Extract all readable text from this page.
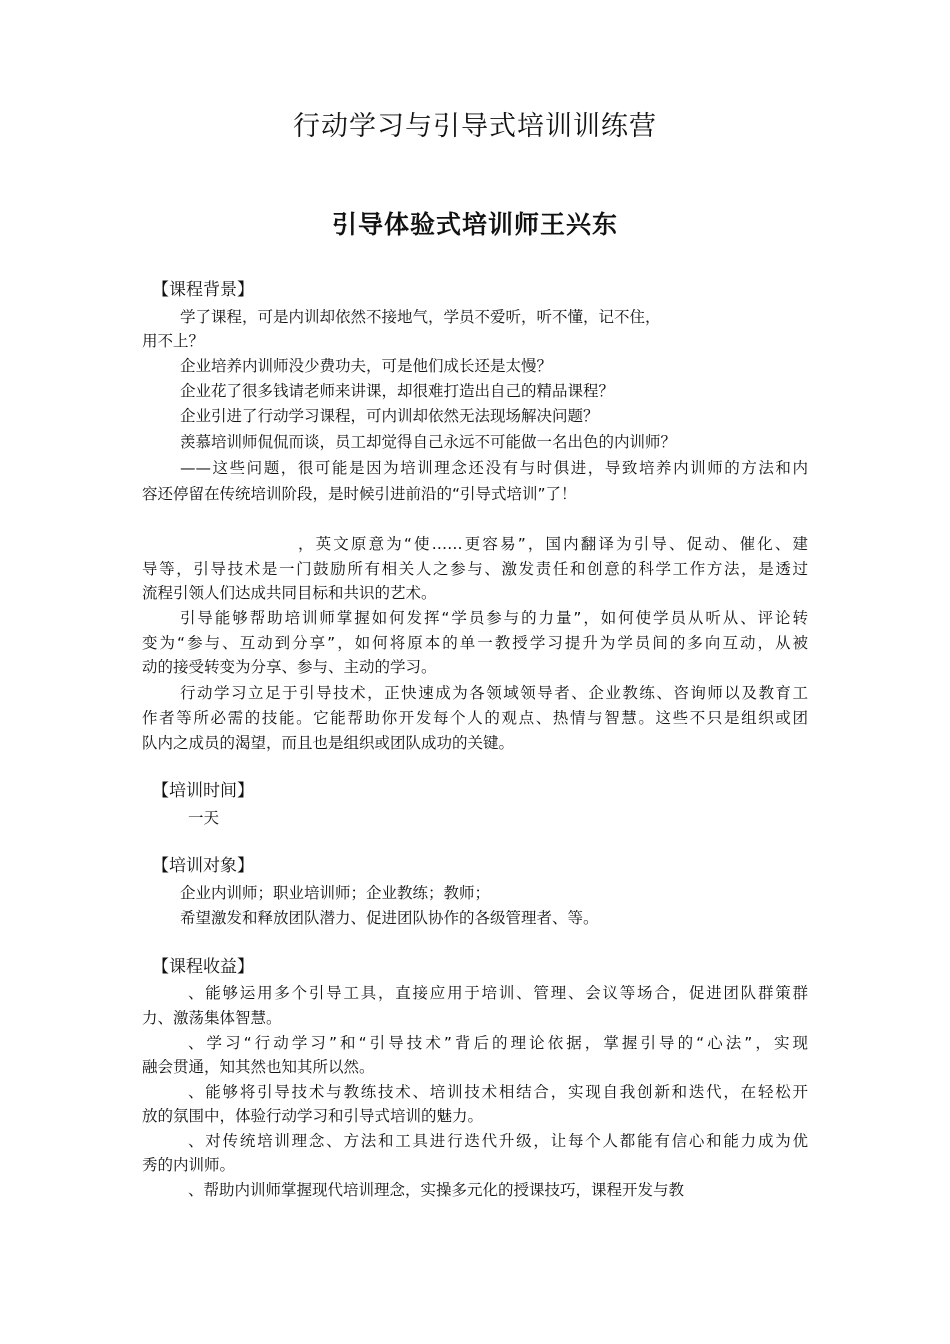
行动学习与引导式培训训练营
引导体验式培训师王兴东
【课程背景】
学了课程，可是内训却依然不接地气，学员不爱听，听不懂，记不住，
用不上？
企业培养内训师没少费功夫，可是他们成长还是太慢？
企业花了很多钱请老师来讲课，却很难打造出自己的精品课程？
企业引进了行动学习课程，可内训却依然无法现场解决问题？
羡慕培训师侃侃而谈，员工却觉得自己永远不可能做一名出色的内训师？
——这些问题，很可能是因为培训理念还没有与时俱进，导致培养内训师的方法和内
容还停留在传统培训阶段，是时候引进前沿的“引导式培训”了！
，英文原意为“使……更容易”，国内翻译为引导、促动、催化、建
导等，引导技术是一门鼓励所有相关人之参与、激发责任和创意的科学工作方法，是透过
流程引领人们达成共同目标和共识的艺术。
引导能够帮助培训师掌握如何发挥“学员参与的力量”，如何使学员从听从、评论转
变为“参与、互动到分享”，如何将原本的单一教授学习提升为学员间的多向互动，从被
动的接受转变为分享、参与、主动的学习。
行动学习立足于引导技术，正快速成为各领域领导者、企业教练、咨询师以及教育工
作者等所必需的技能。它能帮助你开发每个人的观点、热情与智慧。这些不只是组织或团
队内之成员的渴望，而且也是组织或团队成功的关键。
【培训时间】
一天
【培训对象】
企业内训师；职业培训师；企业教练；教师；
希望激发和释放团队潜力、促进团队协作的各级管理者、等。
【课程收益】
、能够运用多个引导工具，直接应用于培训、管理、会议等场合，促进团队群策群
力、激荡集体智慧。
、学习“行动学习”和“引导技术”背后的理论依据，掌握引导的“心法”，实现
融会贯通，知其然也知其所以然。
、能够将引导技术与教练技术、培训技术相结合，实现自我创新和迭代，在轻松开
放的氛围中，体验行动学习和引导式培训的魅力。
、对传统培训理念、方法和工具进行迭代升级，让每个人都能有信心和能力成为优
秀的内训师。
、帮助内训师掌握现代培训理念，实操多元化的授课技巧，课程开发与教
